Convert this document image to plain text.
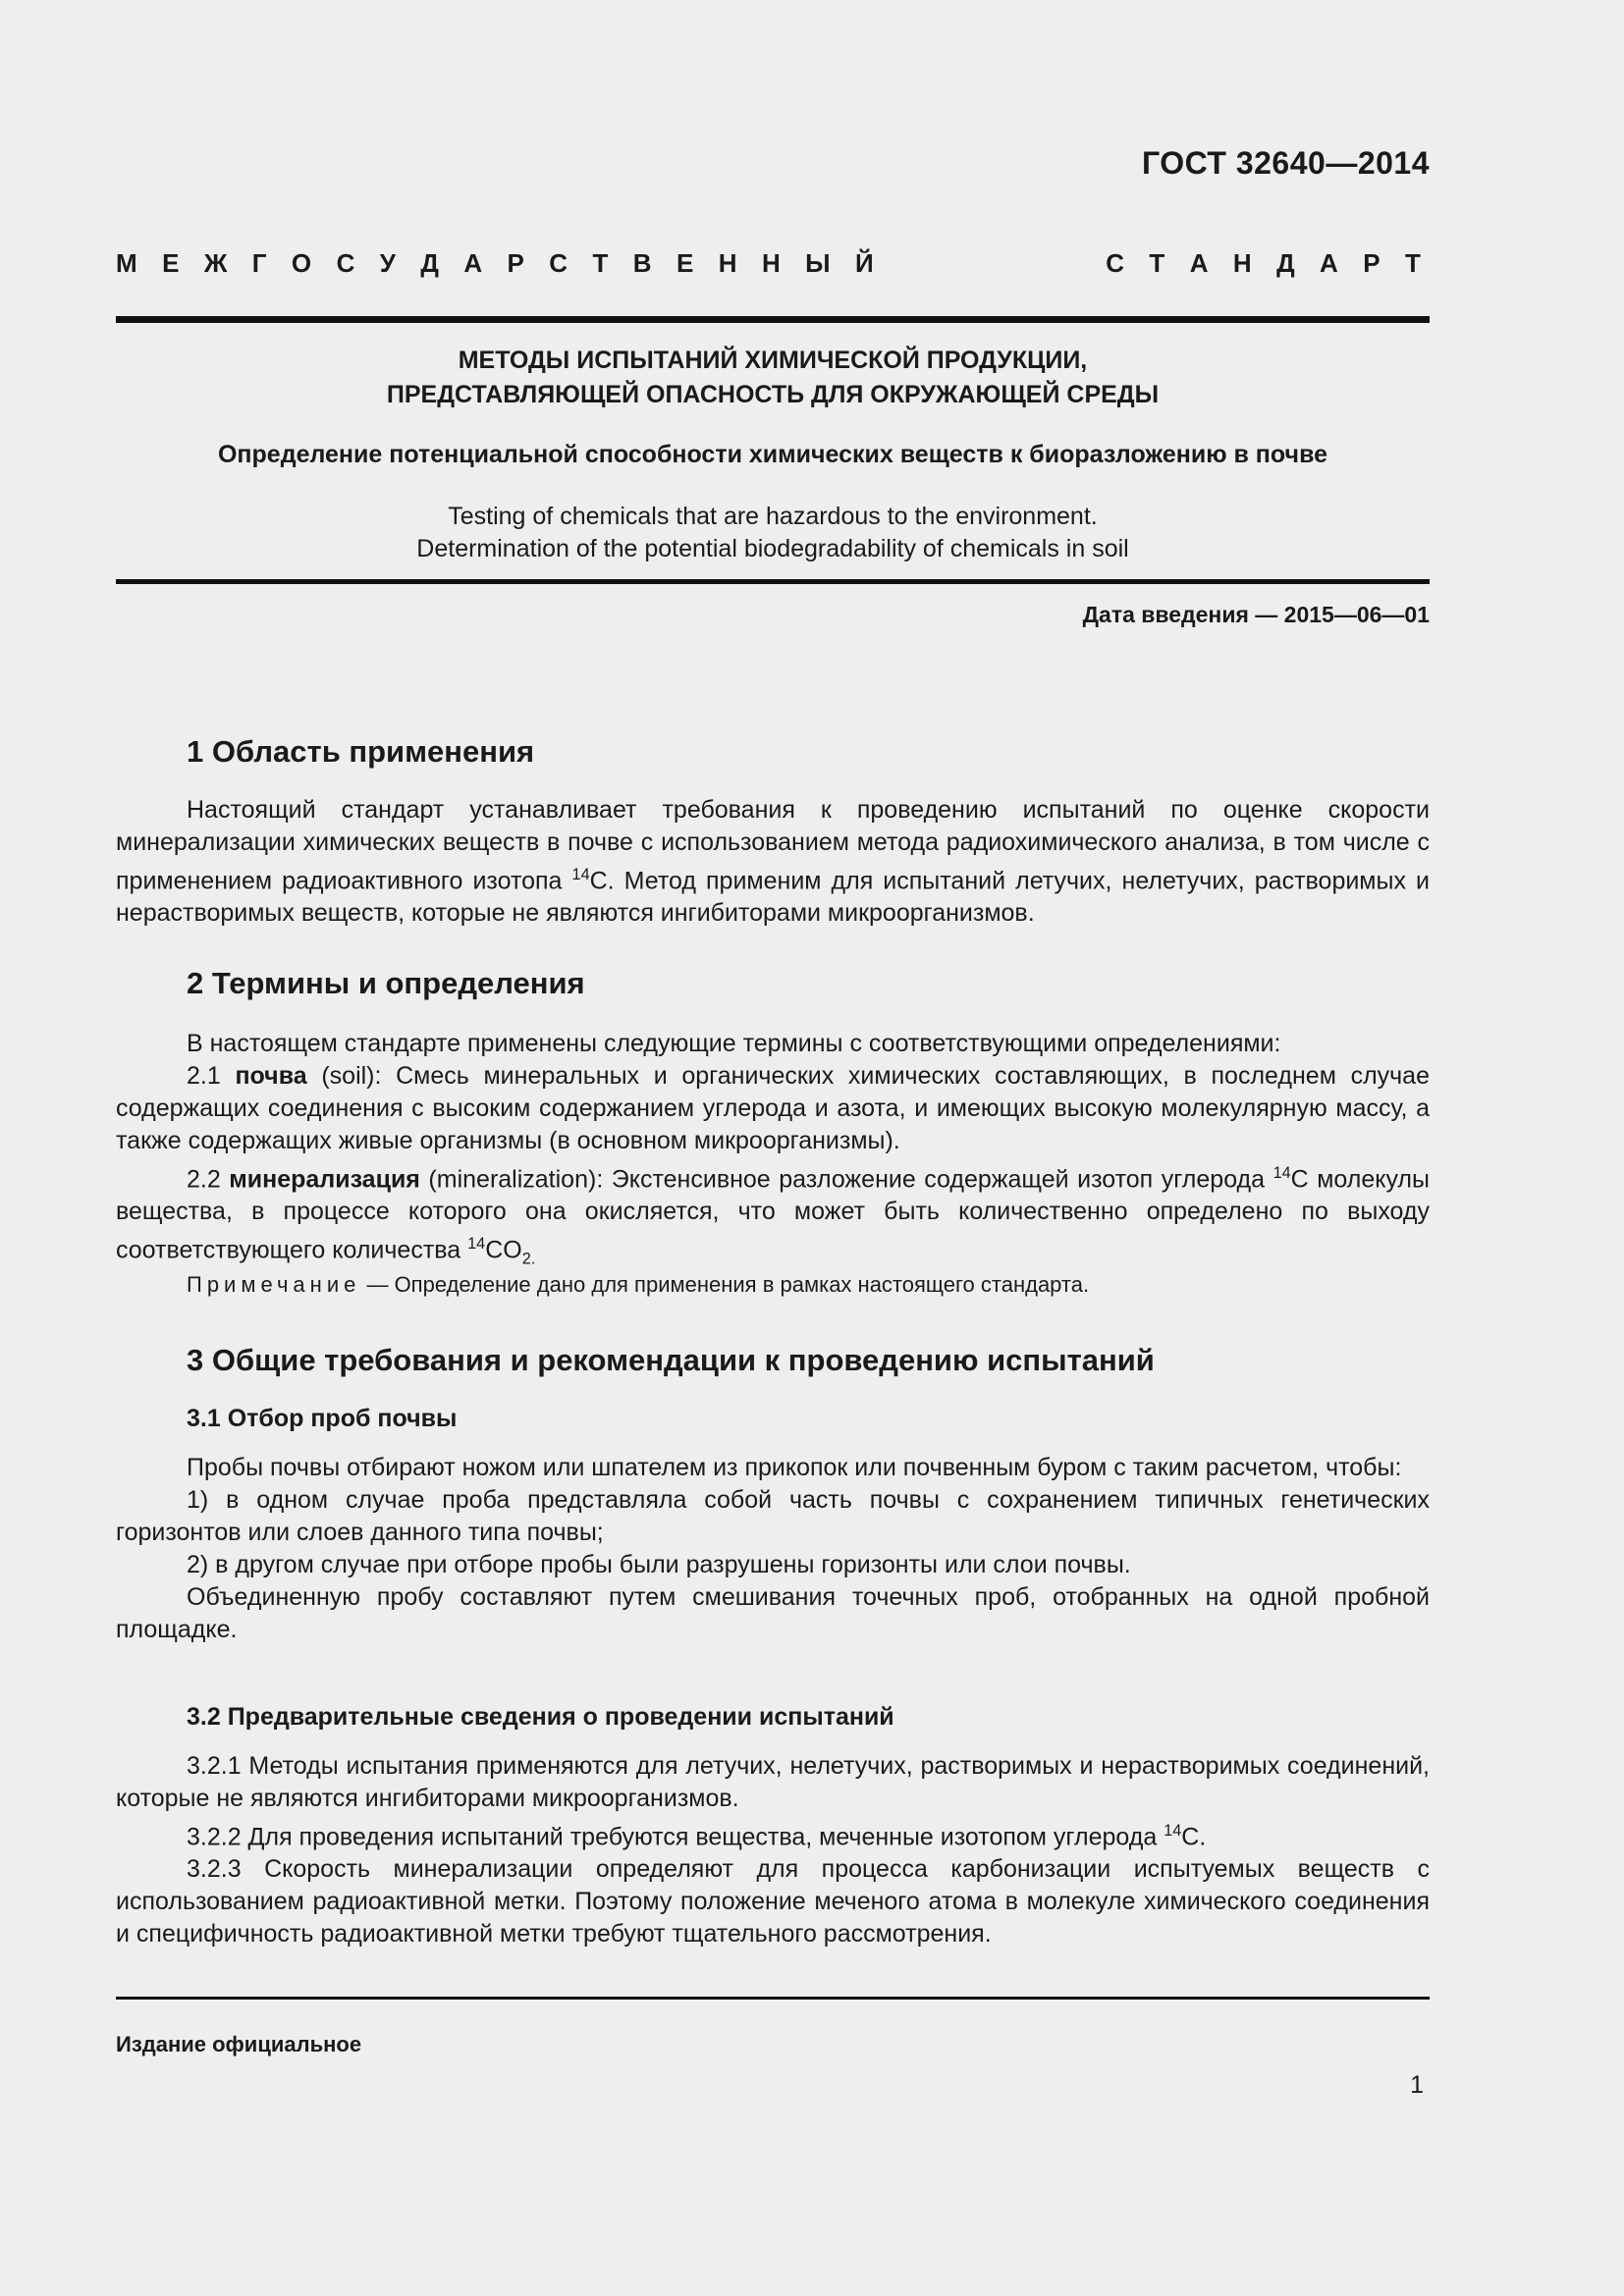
ГОСТ 32640—2014
М Е Ж Г О С У Д А Р С Т В Е Н Н Ы Й	С Т А Н Д А Р Т
МЕТОДЫ ИСПЫТАНИЙ ХИМИЧЕСКОЙ ПРОДУКЦИИ,
ПРЕДСТАВЛЯЮЩЕЙ ОПАСНОСТЬ ДЛЯ ОКРУЖАЮЩЕЙ СРЕДЫ
Определение потенциальной способности химических веществ к биоразложению в почве
Testing of chemicals that are hazardous to the environment.
Determination of the potential biodegradability of chemicals in soil
Дата введения — 2015—06—01
1 Область применения

Настоящий стандарт устанавливает требования к проведению испытаний по оценке скорости минерализации химических веществ в почве с использованием метода радиохимического анализа, в том числе с применением радиоактивного изотопа $^{14}$С. Метод применим для испытаний летучих, нелетучих, растворимых и нерастворимых веществ, которые не являются ингибиторами микроорганизмов.

2 Термины и определения

В настоящем стандарте применены следующие термины с соответствующими определениями:

2.1 почва (soil): Смесь минеральных и органических химических составляющих, в последнем случае содержащих соединения с высоким содержанием углерода и азота, и имеющих высокую молекулярную массу, а также содержащих живые организмы (в основном микроорганизмы).

2.2 минерализация (mineralization): Экстенсивное разложение содержащей изотоп углерода $^{14}$С молекулы вещества, в процессе которого она окисляется, что может быть количественно определено по выходу соответствующего количества $^{14}CO_{2.}$

Примечание — Определение дано для применения в рамках настоящего стандарта.
3 Общие требования и рекомендации к проведению испытаний
3.1 Отбор проб почвы

Пробы почвы отбирают ножом или шпателем из прикопок или почвенным буром с таким расчетом, чтобы:

1) в одном случае проба представляла собой часть почвы с сохранением типичных генетических горизонтов или слоев данного типа почвы;

2) в другом случае при отборе пробы были разрушены горизонты или слои почвы.

Объединенную пробу составляют путем смешивания точечных проб, отобранных на одной пробной площадке.

3.2 Предварительные сведения о проведении испытаний

3.2.1 Методы испытания применяются для летучих, нелетучих, растворимых и нерастворимых соединений, которые не являются ингибиторами микроорганизмов.

3.2.2 Для проведения испытаний требуются вещества, меченные изотопом углерода $^{14}$С.

3.2.3 Скорость минерализации определяют для процесса карбонизации испытуемых веществ с использованием радиоактивной метки. Поэтому положение меченого атома в молекуле химического соединения и специфичность радиоактивной метки требуют тщательного рассмотрения.

Издание официальное
1
